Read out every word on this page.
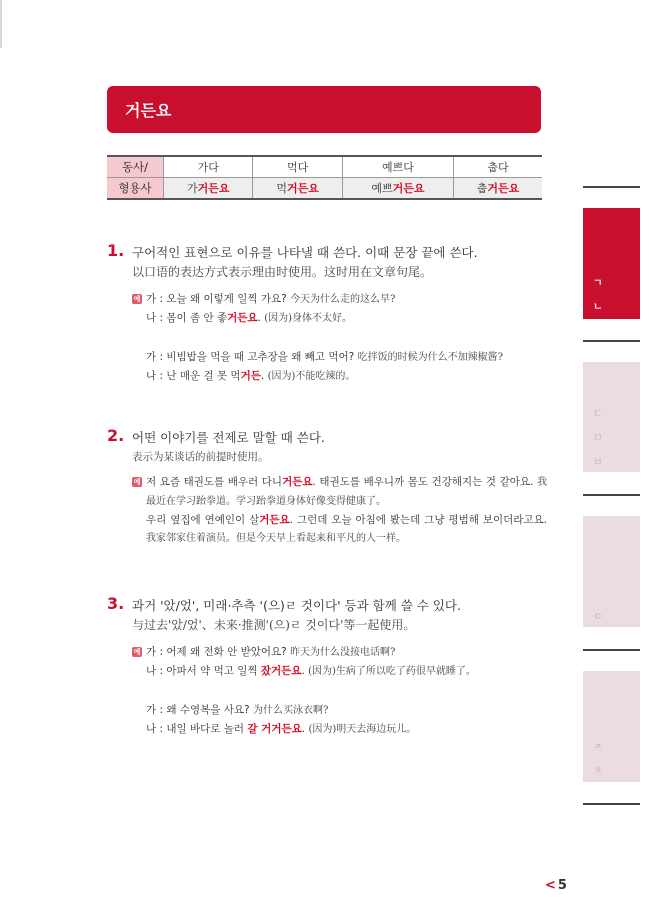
거든요
동사/	가다	먹다	예쁘다	춥다
형용사	가거든요	먹거든요	예쁘거든요	춥거든요
1. 구어적인 표현으로 이유를 나타낼 때 쓴다. 이때 문장 끝에 쓴다.
以口语的表达方式表示理由时使用。这时用在文章句尾。
예 가 : 오늘 왜 이렇게 일찍 가요? 今天为什么走的这么早?
나 : 몸이 좀 안 좋거든요. (因为)身体不太好。
가 : 비빔밥을 먹을 때 고추장을 왜 빼고 먹어? 吃拌饭的时候为什么不加辣椒酱?
나 : 난 매운 걸 못 먹거든. (因为)不能吃辣的。
2. 어떤 이야기를 전제로 말할 때 쓴다.
表示为某谈话的前提时使用。
예 저 요즘 태권도를 배우러 다니거든요. 태권도를 배우니까 몸도 건강해지는 것 같아요. 我最近在学习跆拳道。学习跆拳道身体好像变得健康了。
우리 옆집에 연예인이 살거든요. 그런데 오늘 아침에 봤는데 그냥 평범해 보이더라고요. 我家邻家住着演员。但是今天早上看起来和平凡的人一样。
3. 과거 '았/었', 미래·추측 '(으)ㄹ 것이다' 등과 함께 쓸 수 있다.
与过去'았/었'、未来·推测'(으)ㄹ 것이다'等一起使用。
예 가 : 어제 왜 전화 안 받았어요? 昨天为什么没接电话啊?
나 : 아파서 약 먹고 일찍 잤거든요. (因为)生病了所以吃了药很早就睡了。
가 : 왜 수영복을 사요? 为什么买泳衣啊?
나 : 내일 바다로 놀러 갈 거거든요. (因为)明天去海边玩儿。
ㄱ
ㄴ
ㄷ
ㅁ
ㅂ
ㅇ
ㅈ
ㅊ
< 5
